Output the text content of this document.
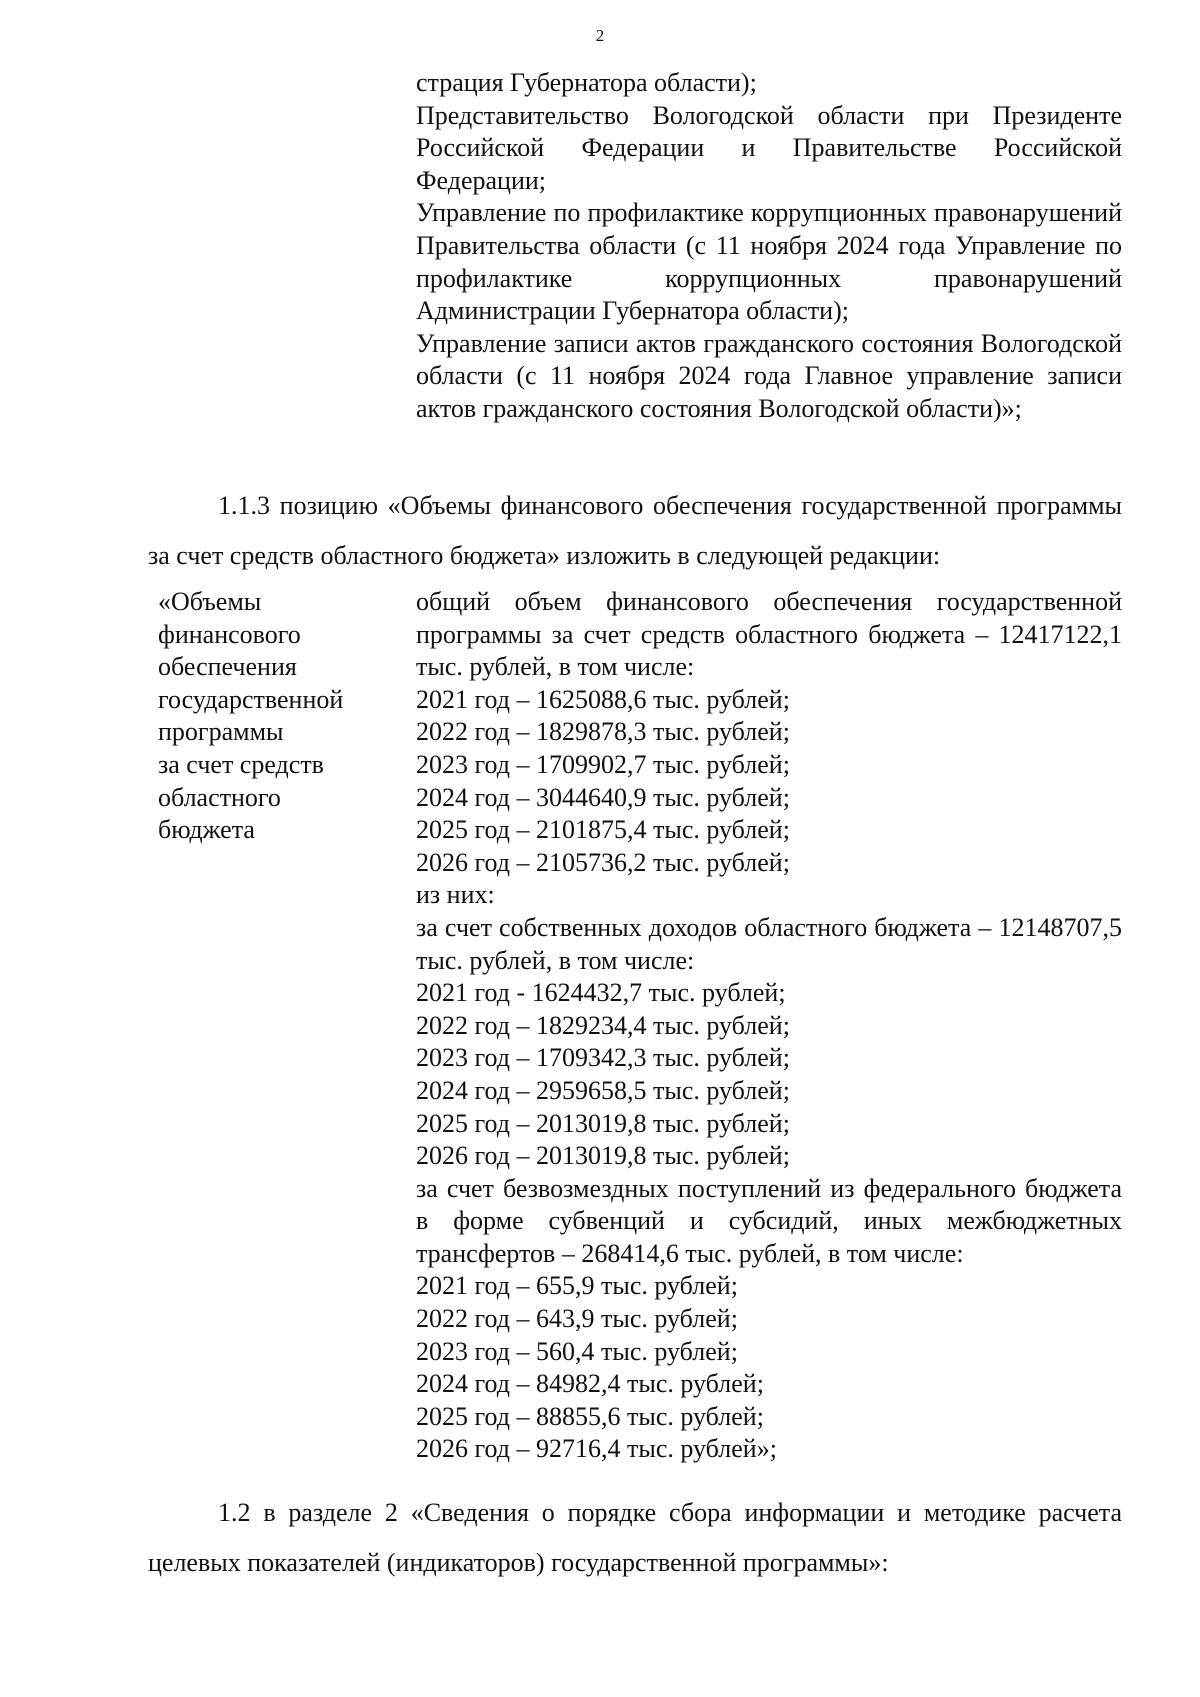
2

страция Губернатора области);

Представительство Вологодской области при Президенте Российской Федерации и Правительстве Российской Федерации;

Управление по профилактике коррупционных правонарушений Правительства области (с 11 ноября 2024 года Управление по профилактике коррупционных правонарушений Администрации Губернатора области);

Управление записи актов гражданского состояния Вологодской области (с 11 ноября 2024 года Главное управление записи актов гражданского состояния Вологодской области)»;

1.1.3 позицию «Объемы финансового обеспечения государственной программы за счет средств областного бюджета» изложить в следующей редакции:

«Объемы
финансового
обеспечения
государственной
программы
за счет средств
областного
бюджета
общий объем финансового обеспечения государственной программы за счет средств областного бюджета – 12417122,1 тыс. рублей, в том числе:
2021 год – 1625088,6 тыс. рублей;
2022 год – 1829878,3 тыс. рублей;
2023 год – 1709902,7 тыс. рублей;
2024 год – 3044640,9 тыс. рублей;
2025 год – 2101875,4 тыс. рублей;
2026 год – 2105736,2 тыс. рублей;
из них:
за счет собственных доходов областного бюджета – 12148707,5 тыс. рублей, в том числе:
2021 год - 1624432,7 тыс. рублей;
2022 год – 1829234,4 тыс. рублей;
2023 год – 1709342,3 тыс. рублей;
2024 год – 2959658,5 тыс. рублей;
2025 год – 2013019,8 тыс. рублей;
2026 год – 2013019,8 тыс. рублей;
за счет безвозмездных поступлений из федерального бюджета в форме субвенций и субсидий, иных межбюджетных трансфертов – 268414,6 тыс. рублей, в том числе:
2021 год – 655,9 тыс. рублей;
2022 год – 643,9 тыс. рублей;
2023 год – 560,4 тыс. рублей;
2024 год – 84982,4 тыс. рублей;
2025 год – 88855,6 тыс. рублей;
2026 год – 92716,4 тыс. рублей»;

1.2 в разделе 2 «Сведения о порядке сбора информации и методике расчета целевых показателей (индикаторов) государственной программы»:
